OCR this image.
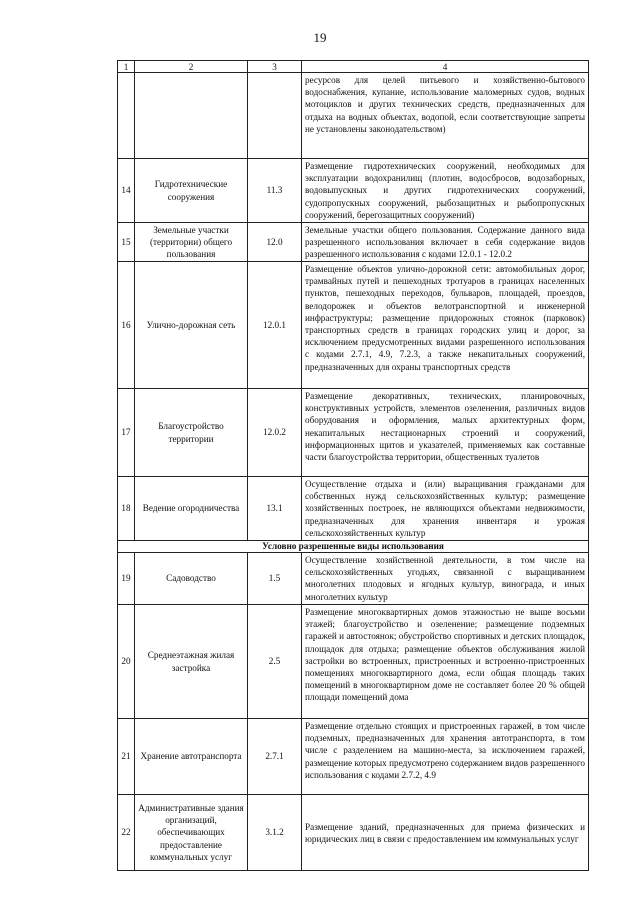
19
1	2	3	4
			ресурсов для целей питьевого и хозяйственно-бытового водоснабжения, купание, использование маломерных судов, водных мотоциклов и других технических средств, предназначенных для отдыха на водных объектах, водопой, если соответствующие запреты не установлены законодательством)
14	Гидротехнические сооружения	11.3	Размещение гидротехнических сооружений, необходимых для эксплуатации водохранилищ (плотин, водосбросов, водозаборных, водовыпускных и других гидротехнических сооружений, судопропускных сооружений, рыбозащитных и рыбопропускных сооружений, берегозащитных сооружений)
15	Земельные участки (территории) общего пользования	12.0	Земельные участки общего пользования. Содержание данного вида разрешенного использования включает в себя содержание видов разрешенного использования с кодами 12.0.1 - 12.0.2
16	Улично-дорожная сеть	12.0.1	Размещение объектов улично-дорожной сети: автомобильных дорог, трамвайных путей и пешеходных тротуаров в границах населенных пунктов, пешеходных переходов, бульваров, площадей, проездов, велодорожек и объектов велотранспортной и инженерной инфраструктуры; размещение придорожных стоянок (парковок) транспортных средств в границах городских улиц и дорог, за исключением предусмотренных видами разрешенного использования с кодами 2.7.1, 4.9, 7.2.3, а также некапитальных сооружений, предназначенных для охраны транспортных средств
17	Благоустройство территории	12.0.2	Размещение декоративных, технических, планировочных, конструктивных устройств, элементов озеленения, различных видов оборудования и оформления, малых архитектурных форм, некапитальных нестационарных строений и сооружений, информационных щитов и указателей, применяемых как составные части благоустройства территории, общественных туалетов
18	Ведение огородничества	13.1	Осуществление отдыха и (или) выращивания гражданами для собственных нужд сельскохозяйственных культур; размещение хозяйственных построек, не являющихся объектами недвижимости, предназначенных для хранения инвентаря и урожая сельскохозяйственных культур
Условно разрешенные виды использования			
19	Садоводство	1.5	Осуществление хозяйственной деятельности, в том числе на сельскохозяйственных угодьях, связанной с выращиванием многолетних плодовых и ягодных культур, винограда, и иных многолетних культур
20	Среднеэтажная жилая застройка	2.5	Размещение многоквартирных домов этажностью не выше восьми этажей; благоустройство и озеленение; размещение подземных гаражей и автостоянок; обустройство спортивных и детских площадок, площадок для отдыха; размещение объектов обслуживания жилой застройки во встроенных, пристроенных и встроенно-пристроенных помещениях многоквартирного дома, если общая площадь таких помещений в многоквартирном доме не составляет более 20 % общей площади помещений дома
21	Хранение автотранспорта	2.7.1	Размещение отдельно стоящих и пристроенных гаражей, в том числе подземных, предназначенных для хранения автотранспорта, в том числе с разделением на машино-места, за исключением гаражей, размещение которых предусмотрено содержанием видов разрешенного использования с кодами 2.7.2, 4.9
22	Административные здания организаций, обеспечивающих предоставление коммунальных услуг	3.1.2	Размещение зданий, предназначенных для приема физических и юридических лиц в связи с предоставлением им коммунальных услуг
